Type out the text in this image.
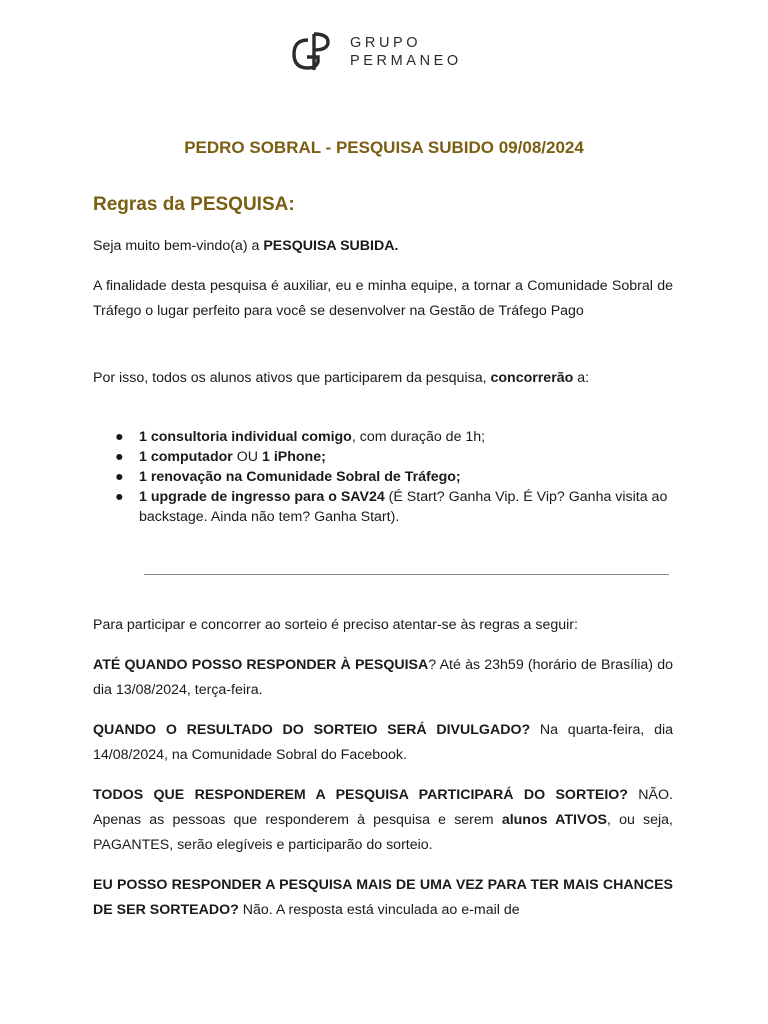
GRUPO
PERMANEO
PEDRO SOBRAL - PESQUISA SUBIDO 09/08/2024
Regras da PESQUISA:
Seja muito bem-vindo(a) a PESQUISA SUBIDA.
A finalidade desta pesquisa é auxiliar, eu e minha equipe, a tornar a Comunidade Sobral de Tráfego o lugar perfeito para você se desenvolver na Gestão de Tráfego Pago
Por isso, todos os alunos ativos que participarem da pesquisa, concorrerão a:
● 1 consultoria individual comigo, com duração de 1h;
● 1 computador OU 1 iPhone;
● 1 renovação na Comunidade Sobral de Tráfego;
● 1 upgrade de ingresso para o SAV24 (É Start? Ganha Vip. É Vip? Ganha visita ao backstage. Ainda não tem? Ganha Start).
Para participar e concorrer ao sorteio é preciso atentar-se às regras a seguir:
ATÉ QUANDO POSSO RESPONDER À PESQUISA? Até às 23h59 (horário de Brasília) do dia 13/08/2024, terça-feira.
QUANDO O RESULTADO DO SORTEIO SERÁ DIVULGADO? Na quarta-feira, dia 14/08/2024, na Comunidade Sobral do Facebook.
TODOS QUE RESPONDEREM A PESQUISA PARTICIPARÁ DO SORTEIO? NÃO. Apenas as pessoas que responderem à pesquisa e serem alunos ATIVOS, ou seja, PAGANTES, serão elegíveis e participarão do sorteio.
EU POSSO RESPONDER A PESQUISA MAIS DE UMA VEZ PARA TER MAIS CHANCES DE SER SORTEADO? Não. A resposta está vinculada ao e-mail de
